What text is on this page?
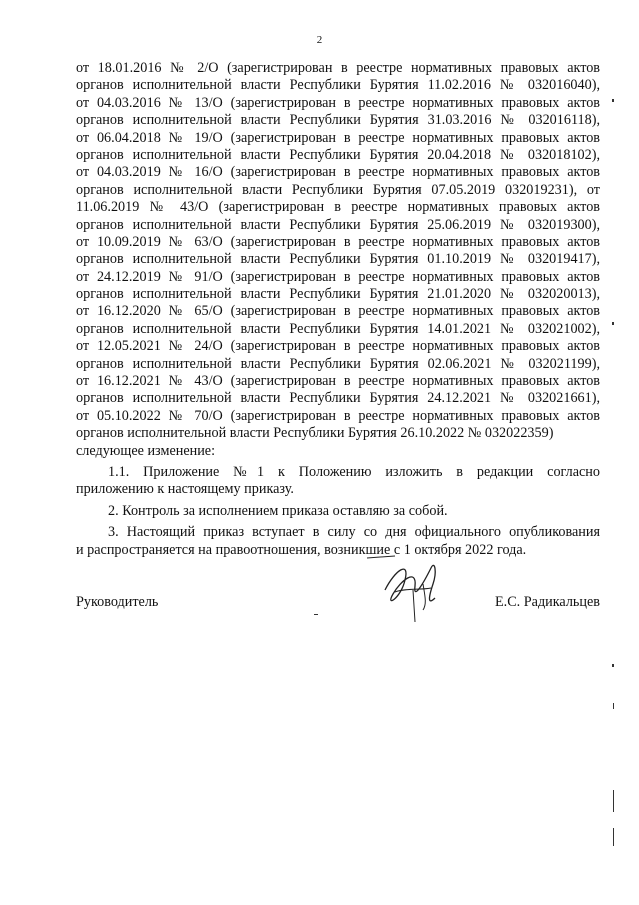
2
от 18.01.2016 № 2/О (зарегистрирован в реестре нормативных правовых актов
органов исполнительной власти Республики Бурятия 11.02.2016 № 032016040),
от 04.03.2016 № 13/О (зарегистрирован в реестре нормативных правовых актов
органов исполнительной власти Республики Бурятия 31.03.2016 № 032016118),
от 06.04.2018 № 19/О (зарегистрирован в реестре нормативных правовых актов
органов исполнительной власти Республики Бурятия 20.04.2018 № 032018102),
от 04.03.2019 № 16/О (зарегистрирован в реестре нормативных правовых актов
органов исполнительной власти Республики Бурятия 07.05.2019 032019231), от
11.06.2019 № 43/О (зарегистрирован в реестре нормативных правовых актов
органов исполнительной власти Республики Бурятия 25.06.2019 № 032019300),
от 10.09.2019 № 63/О (зарегистрирован в реестре нормативных правовых актов
органов исполнительной власти Республики Бурятия 01.10.2019 № 032019417),
от 24.12.2019 № 91/О (зарегистрирован в реестре нормативных правовых актов
органов исполнительной власти Республики Бурятия 21.01.2020 № 032020013),
от 16.12.2020 № 65/О (зарегистрирован в реестре нормативных правовых актов
органов исполнительной власти Республики Бурятия 14.01.2021 № 032021002),
от 12.05.2021 № 24/О (зарегистрирован в реестре нормативных правовых актов
органов исполнительной власти Республики Бурятия 02.06.2021 № 032021199),
от 16.12.2021 № 43/О (зарегистрирован в реестре нормативных правовых актов
органов исполнительной власти Республики Бурятия 24.12.2021 № 032021661),
от 05.10.2022 № 70/О (зарегистрирован в реестре нормативных правовых актов
органов исполнительной власти Республики Бурятия 26.10.2022 № 032022359)
следующее изменение:
1.1. Приложение №1 к Положению изложить в редакции согласно
приложению к настоящему приказу.
2. Контроль за исполнением приказа оставляю за собой.
3. Настоящий приказ вступает в силу со дня официального опубликования
и распространяется на правоотношения, возникшие с 1 октября 2022 года.
Руководитель	Е.С. Радикальцев
